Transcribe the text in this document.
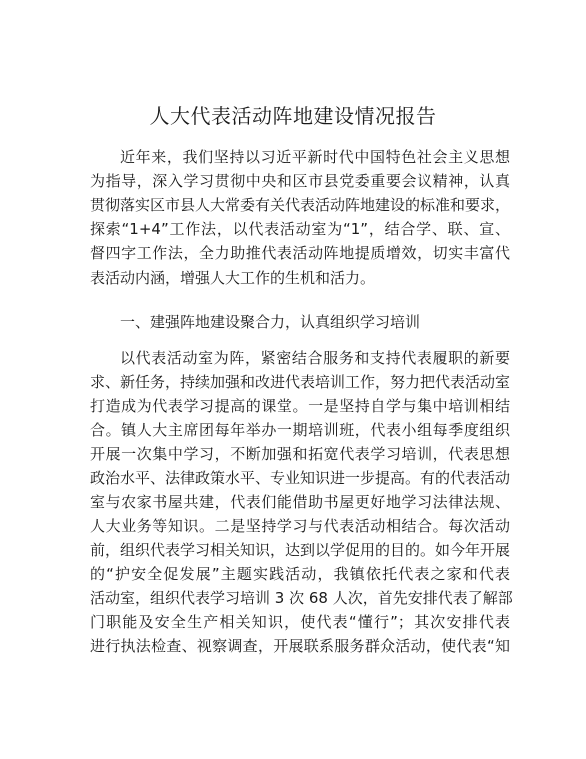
人大代表活动阵地建设情况报告

近年来，我们坚持以习近平新时代中国特色社会主义思想

为指导，深入学习贯彻中央和区市县党委重要会议精神，认真

贯彻落实区市县人大常委有关代表活动阵地建设的标准和要求，

探索“1+4”工作法，以代表活动室为“1”，结合学、联、宣、

督四字工作法，全力助推代表活动阵地提质增效，切实丰富代

表活动内涵，增强人大工作的生机和活力。

一、建强阵地建设聚合力，认真组织学习培训

以代表活动室为阵，紧密结合服务和支持代表履职的新要

求、新任务，持续加强和改进代表培训工作，努力把代表活动室

打造成为代表学习提高的课堂。一是坚持自学与集中培训相结

合。镇人大主席团每年举办一期培训班，代表小组每季度组织

开展一次集中学习，不断加强和拓宽代表学习培训，代表思想

政治水平、法律政策水平、专业知识进一步提高。有的代表活动

室与农家书屋共建，代表们能借助书屋更好地学习法律法规、

人大业务等知识。二是坚持学习与代表活动相结合。每次活动

前，组织代表学习相关知识，达到以学促用的目的。如今年开展

的“护安全促发展”主题实践活动，我镇依托代表之家和代表

活动室，组织代表学习培训 3 次 68 人次，首先安排代表了解部

门职能及安全生产相关知识，使代表“懂行”；其次安排代表

进行执法检查、视察调查，开展联系服务群众活动，使代表“知
